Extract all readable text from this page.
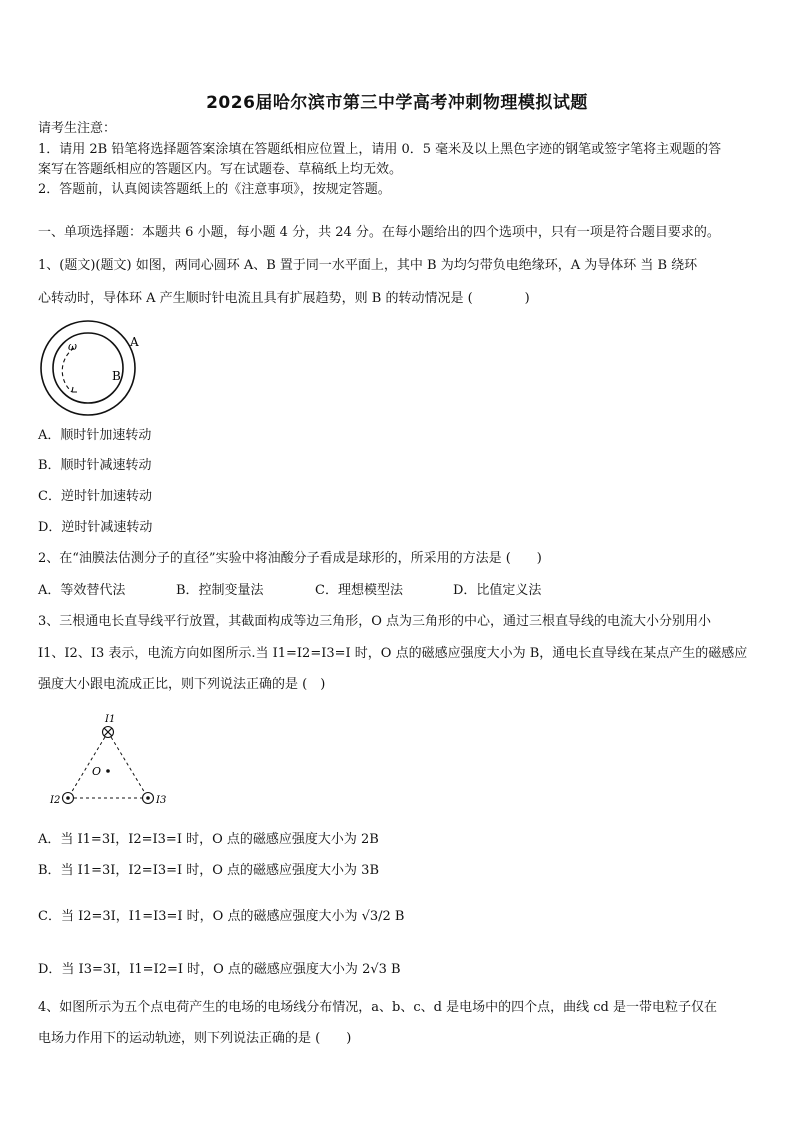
2026届哈尔滨市第三中学高考冲刺物理模拟试题
请考生注意：
1．请用 2B 铅笔将选择题答案涂填在答题纸相应位置上，请用 0．5 毫米及以上黑色字迹的钢笔或签字笔将主观题的答
案写在答题纸相应的答题区内。写在试题卷、草稿纸上均无效。
2．答题前，认真阅读答题纸上的《注意事项》，按规定答题。
一、单项选择题：本题共 6 小题，每小题 4 分，共 24 分。在每小题给出的四个选项中，只有一项是符合题目要求的。
1、(题文)(题文) 如图，两同心圆环 A、B 置于同一水平面上，其中 B 为均匀带负电绝缘环，A 为导体环 当 B 绕环
心转动时，导体环 A 产生顺时针电流且具有扩展趋势，则 B 的转动情况是 (　　　　)
ω	A
B
A．顺时针加速转动
B．顺时针减速转动
C．逆时针加速转动
D．逆时针减速转动
2、在“油膜法估测分子的直径”实验中将油酸分子看成是球形的，所采用的方法是 (　　)
A．等效替代法	B．控制变量法	C．理想模型法	D．比值定义法
3、三根通电长直导线平行放置，其截面构成等边三角形，O 点为三角形的中心，通过三根直导线的电流大小分别用小
I1、I2、I3 表示，电流方向如图所示.当 I1=I2=I3=I 时，O 点的磁感应强度大小为 B，通电长直导线在某点产生的磁感应
强度大小跟电流成正比，则下列说法正确的是 (　)
I1
I2	I3
O
A．当 I1=3I，I2=I3=I 时，O 点的磁感应强度大小为 2B
B．当 I1=3I，I2=I3=I 时，O 点的磁感应强度大小为 3B
C．当 I2=3I，I1=I3=I 时，O 点的磁感应强度大小为 √3/2 B
D．当 I3=3I，I1=I2=I 时，O 点的磁感应强度大小为 2√3 B
4、如图所示为五个点电荷产生的电场的电场线分布情况，a、b、c、d 是电场中的四个点，曲线 cd 是一带电粒子仅在
电场力作用下的运动轨迹，则下列说法正确的是 (　　)
